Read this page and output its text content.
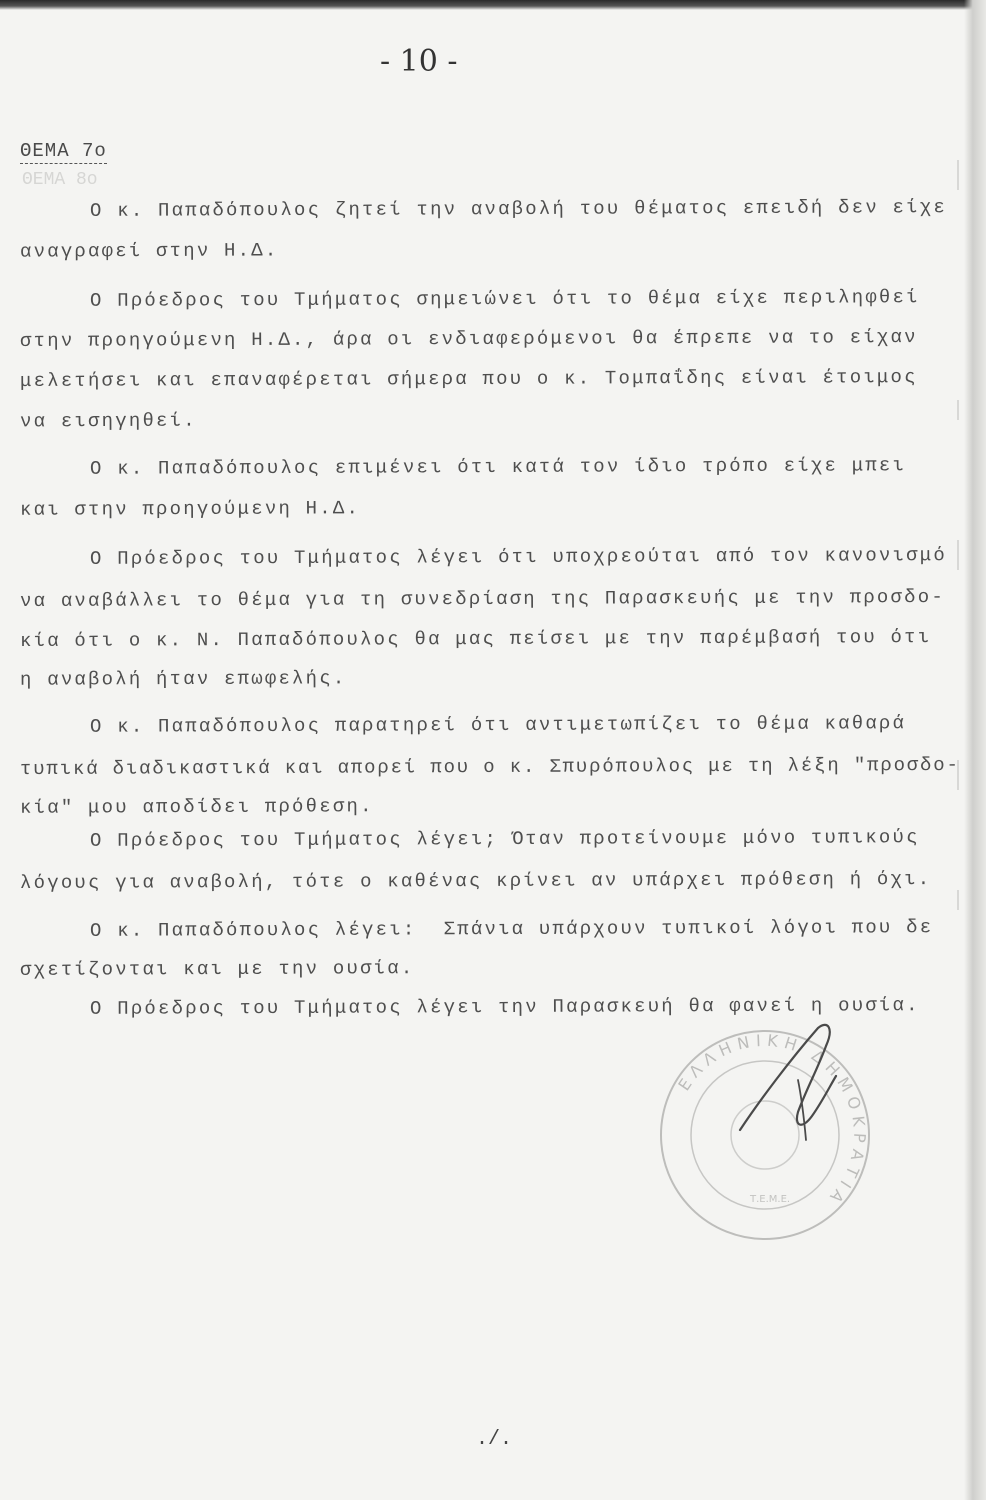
- 10 -
ΘΕΜΑ 7ο
ΘΕΜΑ 8ο
Ο κ. Παπαδόπουλος ζητεί την αναβολή του θέματος επειδή δεν είχε
αναγραφεί στην Η.Δ.
Ο Πρόεδρος του Τμήματος σημειώνει ότι το θέμα είχε περιληφθεί
στην προηγούμενη Η.Δ., άρα οι ενδιαφερόμενοι θα έπρεπε να το είχαν
μελετήσει και επαναφέρεται σήμερα που ο κ. Τομπαΐδης είναι έτοιμος
να εισηγηθεί.
Ο κ. Παπαδόπουλος επιμένει ότι κατά τον ίδιο τρόπο είχε μπει
και στην προηγούμενη Η.Δ.
Ο Πρόεδρος του Τμήματος λέγει ότι υποχρεούται από τον κανονισμό
να αναβάλλει το θέμα για τη συνεδρίαση της Παρασκευής με την προσδο-
κία ότι ο κ. Ν. Παπαδόπουλος θα μας πείσει με την παρέμβασή του ότι
η αναβολή ήταν επωφελής.
Ο κ. Παπαδόπουλος παρατηρεί ότι αντιμετωπίζει το θέμα καθαρά
τυπικά διαδικαστικά και απορεί που ο κ. Σπυρόπουλος με τη λέξη "προσδο-
κία" μου αποδίδει πρόθεση.
Ο Πρόεδρος του Τμήματος λέγει; Όταν προτείνουμε μόνο τυπικούς
λόγους για αναβολή, τότε ο καθένας κρίνει αν υπάρχει πρόθεση ή όχι.
Ο κ. Παπαδόπουλος λέγει:  Σπάνια υπάρχουν τυπικοί λόγοι που δε
σχετίζονται και με την ουσία.
Ο Πρόεδρος του Τμήματος λέγει την Παρασκευή θα φανεί η ουσία.
ΕΛΛΗΝΙΚΗ ΔΗΜΟΚΡΑΤΙΑ
Τ.Ε.Μ.Ε.
./.
